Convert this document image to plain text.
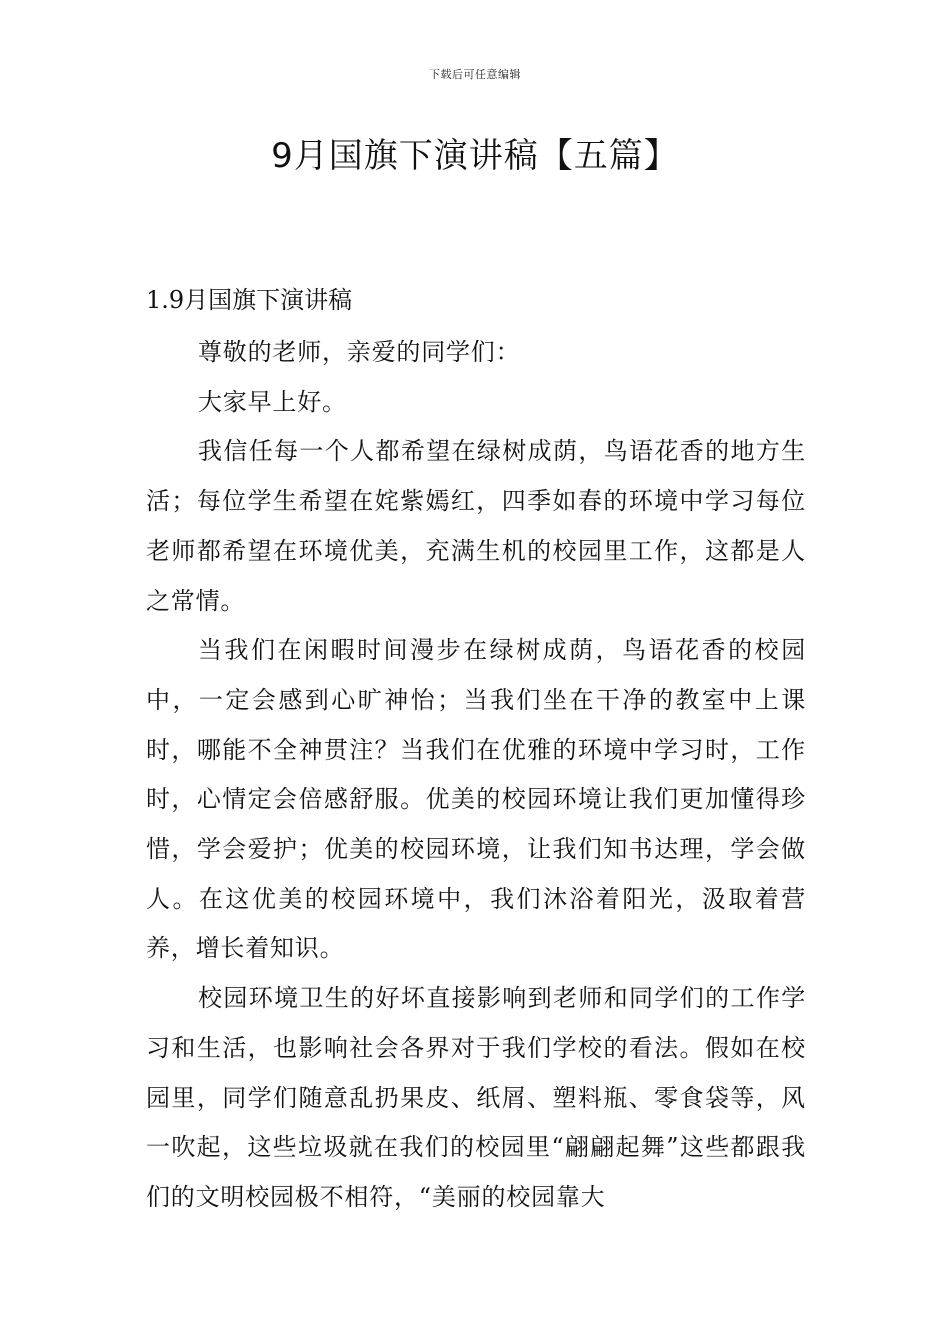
下载后可任意编辑
9月国旗下演讲稿【五篇】
1.9月国旗下演讲稿

尊敬的老师，亲爱的同学们：

大家早上好。

我信任每一个人都希望在绿树成荫，鸟语花香的地方生活；每位学生希望在姹紫嫣红，四季如春的环境中学习每位老师都希望在环境优美，充满生机的校园里工作，这都是人之常情。

当我们在闲暇时间漫步在绿树成荫，鸟语花香的校园中，一定会感到心旷神怡；当我们坐在干净的教室中上课时，哪能不全神贯注？当我们在优雅的环境中学习时，工作时，心情定会倍感舒服。优美的校园环境让我们更加懂得珍惜，学会爱护；优美的校园环境，让我们知书达理，学会做人。在这优美的校园环境中，我们沐浴着阳光，汲取着营养，增长着知识。

校园环境卫生的好坏直接影响到老师和同学们的工作学习和生活，也影响社会各界对于我们学校的看法。假如在校园里，同学们随意乱扔果皮、纸屑、塑料瓶、零食袋等，风一吹起，这些垃圾就在我们的校园里“翩翩起舞”这些都跟我们的文明校园极不相符，“美丽的校园靠大
